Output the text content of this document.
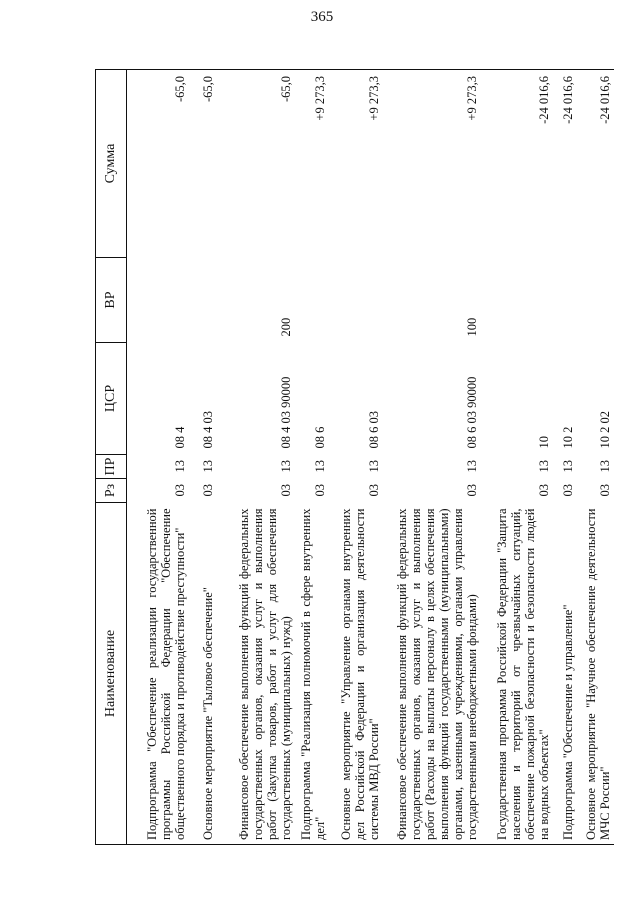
365
Наименование	Рз	ПР	ЦСР	ВР	Сумма
Подпрограмма "Обеспечение реализации государственной программы Российской Федерации "Обеспечение общественного порядка и противодействие преступности"	03	13	08 4		-65,0
Основное мероприятие "Тыловое обеспечение"	03	13	08 4 03		-65,0
Финансовое обеспечение выполнения функций федеральных государственных органов, оказания услуг и выполнения работ (Закупка товаров, работ и услуг для обеспечения государственных (муниципальных) нужд)	03	13	08 4 03 90000	200	-65,0
Подпрограмма "Реализация полномочий в сфере внутренних дел"	03	13	08 6		+9 273,3
Основное мероприятие "Управление органами внутренних дел Российской Федерации и организация деятельности системы МВД России"	03	13	08 6 03		+9 273,3
Финансовое обеспечение выполнения функций федеральных государственных органов, оказания услуг и выполнения работ (Расходы на выплаты персоналу в целях обеспечения выполнения функций государственными (муниципальными) органами, казенными учреждениями, органами управления государственными внебюджетными фондами)	03	13	08 6 03 90000	100	+9 273,3
Государственная программа Российской Федерации "Защита населения и территорий от чрезвычайных ситуаций, обеспечение пожарной безопасности и безопасности людей на водных объектах"	03	13	10		-24 016,6
Подпрограмма "Обеспечение и управление"	03	13	10 2		-24 016,6
Основное мероприятие "Научное обеспечение деятельности МЧС России"	03	13	10 2 02		-24 016,6
